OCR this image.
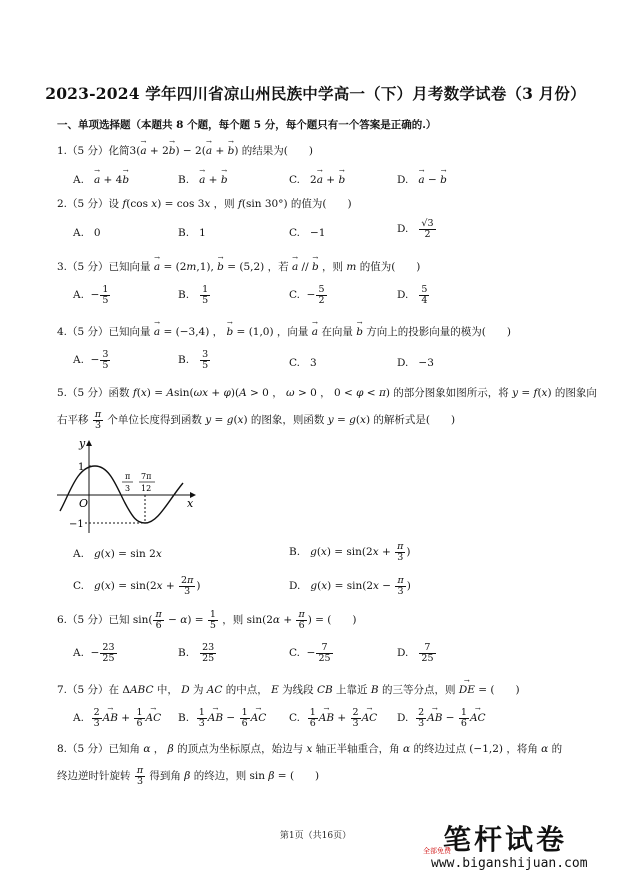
2023-2024 学年四川省凉山州民族中学高一（下）月考数学试卷（3 月份）
一、单项选择题（本题共 8 个题，每个题 5 分，每个题只有一个答案是正确的.）
1.（5 分）化简3(→ a + 2→ b) − 2(→ a + → b) 的结果为(　　)
A.   → a + 4→ b	B.   → a + → b	C.   2→ a + → b	D.   → a − → b
2.（5 分）设 f(cos x) = cos 3x ，则 f(sin 30°) 的值为(　　)
A.   0	B.   1	C.   −1	D. $\frac{√3}{2}$
3.（5 分）已知向量 → a = (2m,1), → b = (5,2) ，若 → a // → b ，则 m 的值为(　　)
A.  − $\frac{1}{5}$	B. $\frac{1}{5}$	C.  − $\frac{5}{2}$	D. $\frac{5}{4}$
4.（5 分）已知向量 → a = (−3,4) ， → b = (1,0) ，向量 → a 在向量 → b 方向上的投影向量的模为(　　)
A.  − $\frac{3}{5}$	B. $\frac{3}{5}$	C.   3	D.   −3
5.（5 分）函数 f(x) = Asin(ωx + φ)(A > 0 ， ω > 0 ， 0 < φ < π) 的部分图象如图所示，将 y = f(x) 的图象向
右平移 $\frac{\pi}{3}$ 个单位长度得到函数 y = g(x) 的图象，则函数 y = g(x) 的解析式是(　　)
y
x
O
1
−1
π 3
7π 12
A.   g(x) = sin 2x	B.   $g(x) = \sin(2x + \frac{\pi}{3}$ )
C.   $g(x) = \sin(2x + \frac{2\pi}{3}$ )	D.   $g(x) = \sin(2x - \frac{\pi}{3}$ )
6.（5 分）已知 $\sin( \frac{\pi}{6} - \alpha) = \frac{1}{5}$ ，则 $\sin(2\alpha + \frac{\pi}{6}$ ) = (　　)
A.  − $\frac{23}{25}$	B. $\frac{23}{25}$	C.  − $\frac{7}{25}$	D. $\frac{7}{25}$
7.（5 分）在 ΔABC 中， D 为 AC 的中点， E 为线段 CB 上靠近 B 的三等分点，则 → DE = (　　)
A. $\frac{2}{3}$ → AB + $\frac{1}{6}$ → AC B. $\frac{1}{3}$ → AB − $\frac{1}{6}$ → AC C. $\frac{1}{6}$ → AB + $\frac{2}{3}$ → AC D. $\frac{2}{3}$ → AB − $\frac{1}{6}$ → AC
8.（5 分）已知角 α ， β 的顶点为坐标原点，始边与 x 轴正半轴重合，角 α 的终边过点 (−1,2) ，将角 α 的
终边逆时针旋转 $\frac{\pi}{3}$ 得到角 β 的终边，则 sin β = (　　)
第1页（共16页）	笔杆试卷
全部免费
www.biganshijuan.com
